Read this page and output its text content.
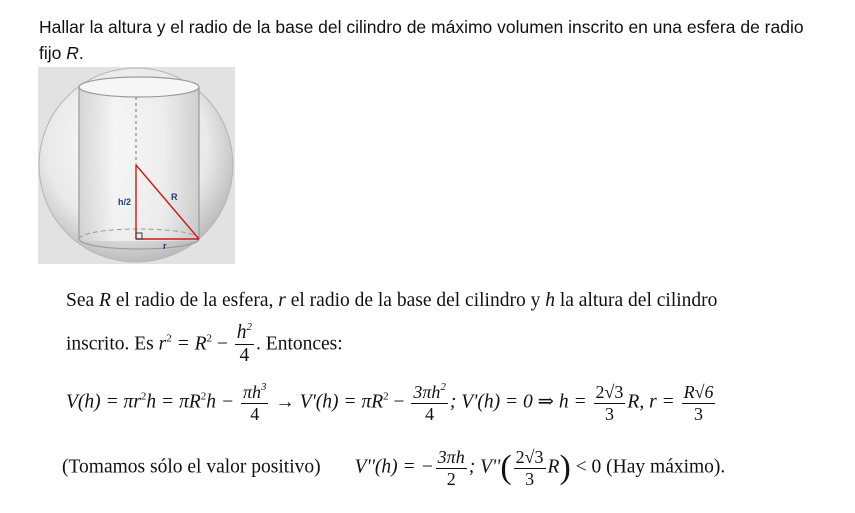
Hallar la altura y el radio de la base del cilindro de máximo volumen inscrito en una esfera de radio fijo R.
h/2	R
r
Sea R el radio de la esfera, r el radio de la base del cilindro y h la altura del cilindro
inscrito. Es $r^2 = R^2 - \frac{h^2}{4}$ . Entonces:
$V(h) = \pi r^2h = \pi R^2h - \frac{\pi h^3}{4} \to V'(h) = \pi R^2 - \frac{3\pi h^2}{4}$ ; V'(h) = 0 ⇒ $h = \frac{2√3}{3} R$, $r = \frac{R√6}{3}$
(Tomamos sólo el valor positivo) V''(h) = − $\frac{3\pi h}{2}$ ; $V''( \frac{2√3}{3} R) < 0$ (Hay máximo).
